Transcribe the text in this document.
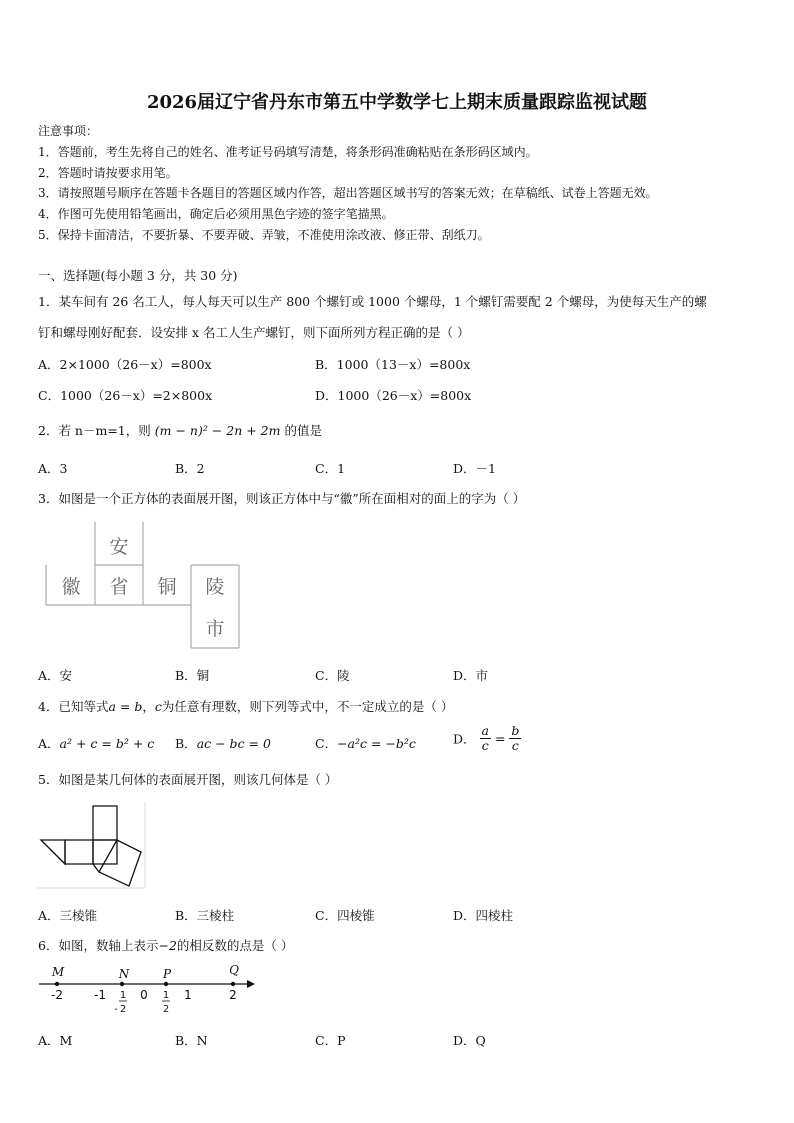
2026届辽宁省丹东市第五中学数学七上期末质量跟踪监视试题
注意事项：
1．答题前，考生先将自己的姓名、准考证号码填写清楚，将条形码准确粘贴在条形码区域内。
2．答题时请按要求用笔。
3．请按照题号顺序在答题卡各题目的答题区域内作答，超出答题区域书写的答案无效；在草稿纸、试卷上答题无效。
4．作图可先使用铅笔画出，确定后必须用黑色字迹的签字笔描黑。
5．保持卡面清洁，不要折暴、不要弄破、弄皱，不准使用涂改液、修正带、刮纸刀。
一、选择题(每小题 3 分，共 30 分)
1．某车间有 26 名工人，每人每天可以生产 800 个螺钉或 1000 个螺母，1 个螺钉需要配 2 个螺母，为使每天生产的螺
钉和螺母刚好配套．设安排 x 名工人生产螺钉，则下面所列方程正确的是（ ）
A．2×1000（26－x）=800x	B．1000（13－x）=800x
C．1000（26－x）=2×800x	D．1000（26－x）=800x
2．若 n－m=1，则 (m − n)² − 2n + 2m 的值是
A．3	B．2	C．1	D．－1
3．如图是一个正方体的表面展开图，则该正方体中与“徽”所在面相对的面上的字为（ ）
安
徽	省	铜	陵
市
A．安	B．铜	C．陵	D．市
4．已知等式a = b，c为任意有理数，则下列等式中，不一定成立的是（ ）
A．a² + c = b² + c B．ac − bc = 0	C．−a²c = −b²c	D． $\frac{a}{c} = \frac{b}{c}$
5．如图是某几何体的表面展开图，则该几何体是（ ）
A．三棱锥	B．三棱柱	C．四棱锥	D．四棱柱
6．如图，数轴上表示−2的相反数的点是（ ）
M	N	P	Q
-2	-1	0	1	2
-
1
2
1
2
A．M	B．N	C．P	D．Q
